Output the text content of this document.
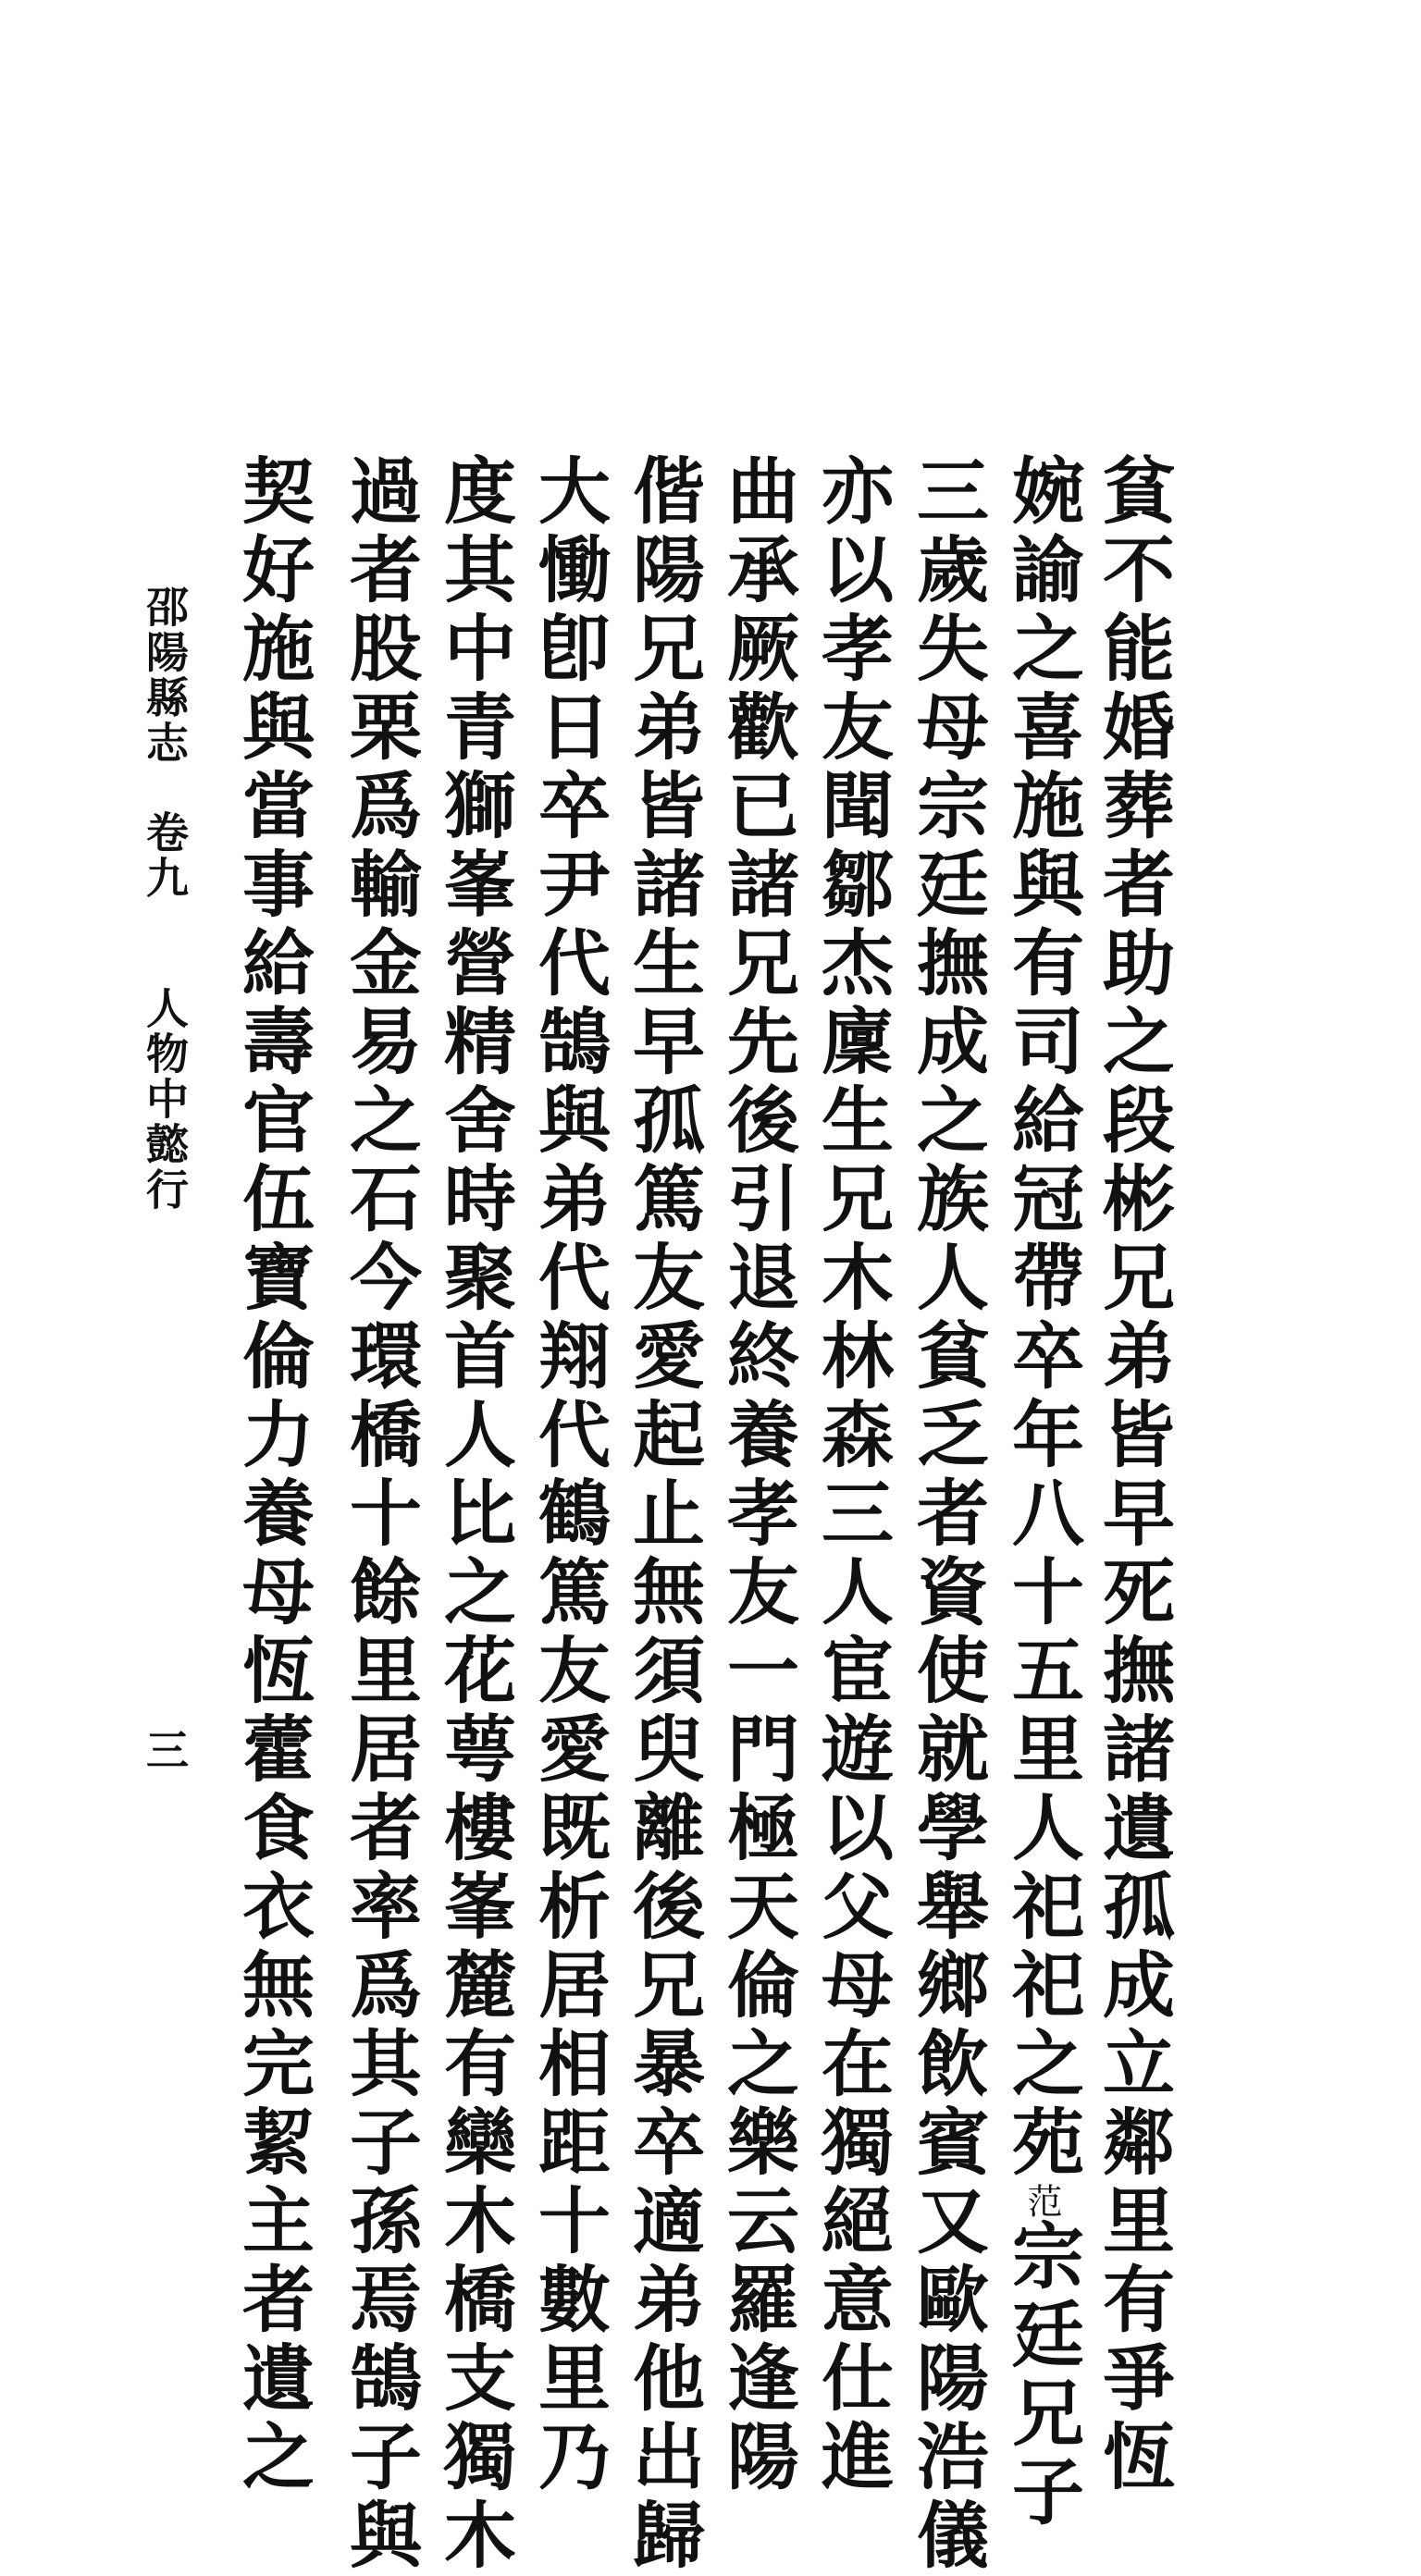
貧不能婚葬者助之段彬兄弟皆早死撫諸遺孤成立鄰里有爭恆
婉諭之喜施與有司給冠帶卒年八十五里人祀祀之苑$^范$宗廷兄子
三歲失母宗廷撫成之族人貧乏者資使就學舉鄉飲賓又歐陽浩儀
亦以孝友聞鄒杰廩生兄木林森三人宦遊以父母在獨絕意仕進
曲承厥歡已諸兄先後引退終養孝友一門極天倫之樂云羅逢陽
偕陽兄弟皆諸生早孤篤友愛起止無須臾離後兄暴卒適弟他出歸
大慟卽日卒尹代鵠與弟代翔代鶴篤友愛既析居相距十數里乃
度其中青獅峯營精舍時聚首人比之花萼樓峯麓有欒木橋支獨木
過者股栗爲輸金易之石今環橋十餘里居者率爲其子孫焉鵠子與
契好施與當事給壽官伍寶倫力養母恆藿食衣無完絜主者遺之
邵陽縣志
卷九
人物中懿行
三
